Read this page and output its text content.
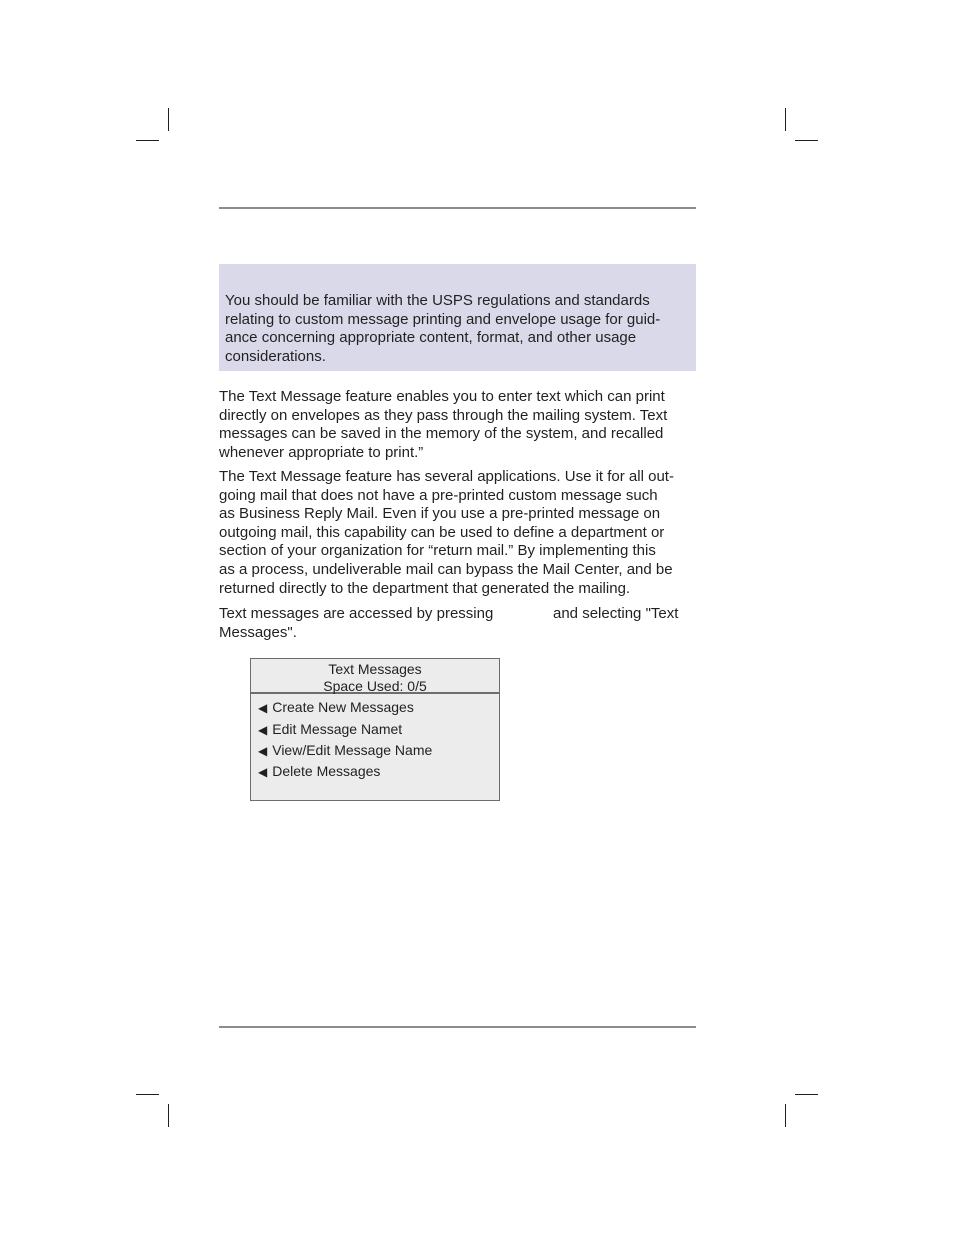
You should be familiar with the USPS regulations and standards
relating to custom message printing and envelope usage for guid-
ance concerning appropriate content, format, and other usage
considerations.

The Text Message feature enables you to enter text which can print
directly on envelopes as they pass through the mailing system. Text
messages can be saved in the memory of the system, and recalled
whenever appropriate to print.”

The Text Message feature has several applications. Use it for all out-
going mail that does not have a pre-printed custom message such
as Business Reply Mail. Even if you use a pre-printed message on
outgoing mail, this capability can be used to define a department or
section of your organization for “return mail.” By implementing this
as a process, undeliverable mail can bypass the Mail Center, and be
returned directly to the department that generated the mailing.

Text messages are accessed by pressing	and selecting "Text
Messages".

Text Messages
Space Used: 0/5
◀ Create New Messages
◀ Edit Message Namet
◀ View/Edit Message Name
◀ Delete Messages
